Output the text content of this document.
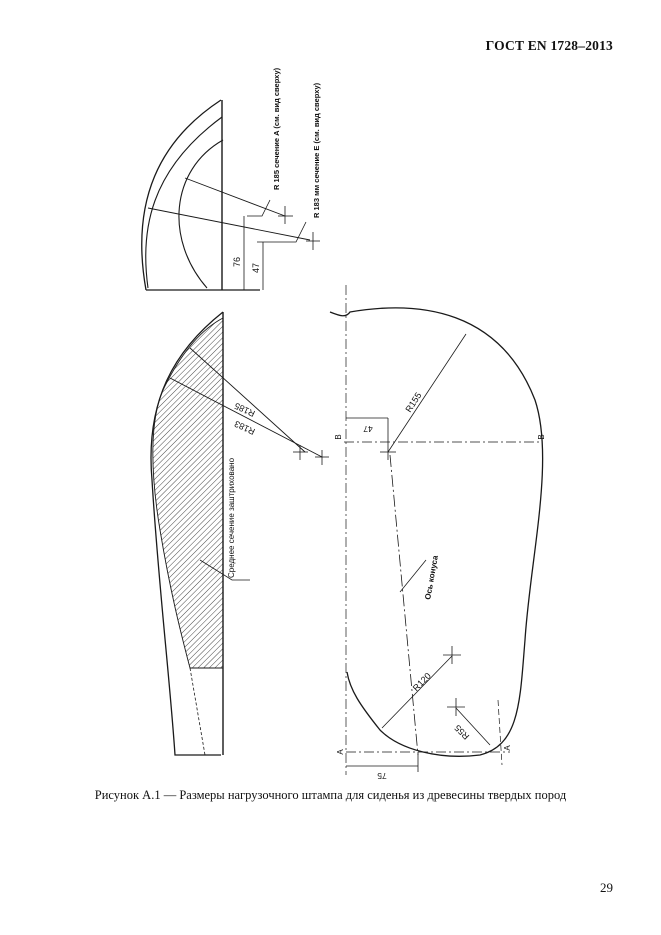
ГОСТ EN 1728–2013
76
47
R 185 сечение A (см. вид сверху)	R 183 мм сечение Е (см. вид сверху)
R185
R183
Среднее сечение заштриховано
В	В
47
R155
Ось конуса
R120
R55
А
А
75
Рисунок А.1 — Размеры нагрузочного штампа для сиденья из древесины твердых пород
29
